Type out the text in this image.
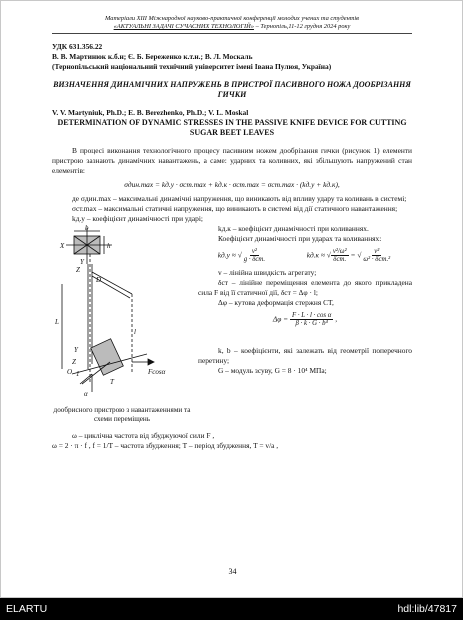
Матеріали XIII Міжнародної науково-практичної конференції молодих учених та студентів
«АКТУАЛЬНІ ЗАДАЧІ СУЧАСНИХ ТЕХНОЛОГІЙ» – Тернопіль,11-12 грудня 2024 року
УДК 631.356.22
В. В. Мартинюк к.б.н; Є. Б. Береженко к.т.н.; В. Л. Москаль
(Тернопільський національний технічний університет імені Івана Пулюя, Україна)
ВИЗНАЧЕННЯ ДИНАМІЧНИХ НАПРУЖЕНЬ В ПРИСТРОЇ ПАСИВНОГО НОЖА ДООБРІЗАННЯ ГИЧКИ
V. V. Martyniuk, Ph.D.; E. B. Berezhenko, Ph.D.; V. L. Moskal
DETERMINATION OF DYNAMIC STRESSES IN THE PASSIVE KNIFE DEVICE FOR CUTTING SUGAR BEET LEAVES

В процесі виконання технологічного процесу пасивним ножем дообрізання гички (рисунок 1) елементи пристрою зазнають динамічних навантажень, а саме: ударних та коливних, які збільшують напружений стан елементів:

σдин.max = kд.у · σст.max + kд.к · σст.max = σст.max · (kд.у + kд.к),

де σдин.max – максимальні динамічні напруження, що виникають від впливу удару та коливань в системі;

σст.max – максимальні статичні напруження, що виникають в системі від дії статичного навантаження;

kд.у – коефіцієнт динамічності при ударі;

b
h
X
Z
Y
D
l
L
Y
Z
O 1
T
Fcosα
α
дообрисного пристрою з навантаженнями та схеми переміщень

kд.к – коефіцієнт динамічності при коливаннях.

Коефіцієнт динамічності при ударах та коливаннях:

kд.у ≈ √ $\frac{\text{v²}}{\text{g · δст.}}$	kд.к ≈ √ $\frac{\text{v²/ω²}}{\text{δст.}}$ = √ $\frac{\text{v²}}{\text{ω² · δст.²}}$

v – лінійна швидкість агрегату;

δст – лінійне переміщення елемента до якого прикладена сила F від її статичної дії, δст = Δφ · l;

Δφ – кутова деформація стержня CT,

$\Delta\varphi = \frac{\text{F · L · l · cos α}}{\text{β · k · G · b⁴}}$ ,

k, b – коефіцієнти, які залежать від геометрії поперечного перетину;

G – модуль зсуву, G = 8 · 10⁴ МПа;

ω – циклічна частота від збуджуючої сили F ,

ω = 2 · π · f , f = 1/T – частота збудження; T – період збудження, T = v/a ,

34
ELARTU	hdl:lib/47817
